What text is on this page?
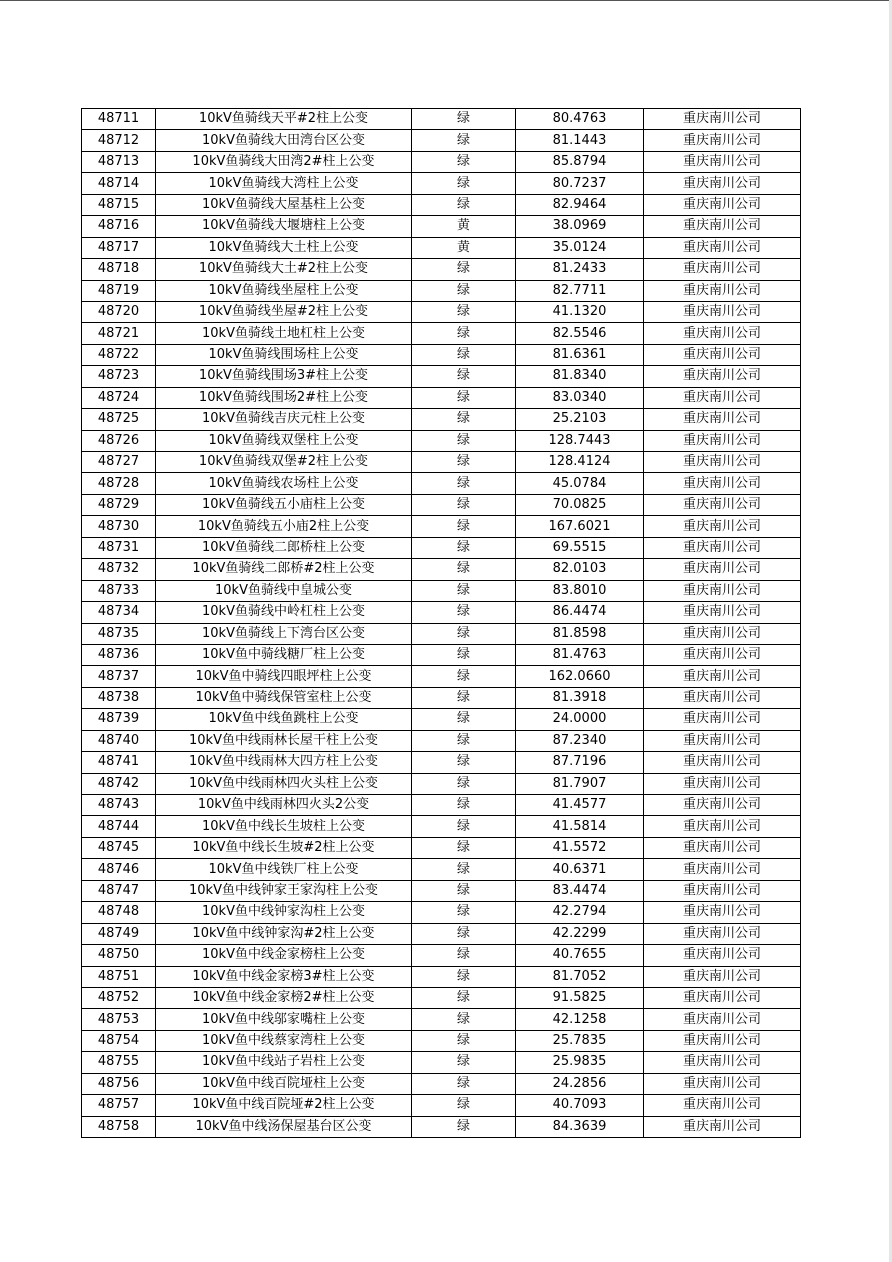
48711	10kV鱼骑线天平#2柱上公变	绿	80.4763	重庆南川公司
48712	10kV鱼骑线大田湾台区公变	绿	81.1443	重庆南川公司
48713	10kV鱼骑线大田湾2#柱上公变	绿	85.8794	重庆南川公司
48714	10kV鱼骑线大湾柱上公变	绿	80.7237	重庆南川公司
48715	10kV鱼骑线大屋基柱上公变	绿	82.9464	重庆南川公司
48716	10kV鱼骑线大堰塘柱上公变	黄	38.0969	重庆南川公司
48717	10kV鱼骑线大土柱上公变	黄	35.0124	重庆南川公司
48718	10kV鱼骑线大土#2柱上公变	绿	81.2433	重庆南川公司
48719	10kV鱼骑线坐屋柱上公变	绿	82.7711	重庆南川公司
48720	10kV鱼骑线坐屋#2柱上公变	绿	41.1320	重庆南川公司
48721	10kV鱼骑线土地杠柱上公变	绿	82.5546	重庆南川公司
48722	10kV鱼骑线围场柱上公变	绿	81.6361	重庆南川公司
48723	10kV鱼骑线围场3#柱上公变	绿	81.8340	重庆南川公司
48724	10kV鱼骑线围场2#柱上公变	绿	83.0340	重庆南川公司
48725	10kV鱼骑线吉庆元柱上公变	绿	25.2103	重庆南川公司
48726	10kV鱼骑线双堡柱上公变	绿	128.7443	重庆南川公司
48727	10kV鱼骑线双堡#2柱上公变	绿	128.4124	重庆南川公司
48728	10kV鱼骑线农场柱上公变	绿	45.0784	重庆南川公司
48729	10kV鱼骑线五小庙柱上公变	绿	70.0825	重庆南川公司
48730	10kV鱼骑线五小庙2柱上公变	绿	167.6021	重庆南川公司
48731	10kV鱼骑线二郎桥柱上公变	绿	69.5515	重庆南川公司
48732	10kV鱼骑线二郎桥#2柱上公变	绿	82.0103	重庆南川公司
48733	10kV鱼骑线中皇城公变	绿	83.8010	重庆南川公司
48734	10kV鱼骑线中岭杠柱上公变	绿	86.4474	重庆南川公司
48735	10kV鱼骑线上下湾台区公变	绿	81.8598	重庆南川公司
48736	10kV鱼中骑线糖厂柱上公变	绿	81.4763	重庆南川公司
48737	10kV鱼中骑线四眼坪柱上公变	绿	162.0660	重庆南川公司
48738	10kV鱼中骑线保管室柱上公变	绿	81.3918	重庆南川公司
48739	10kV鱼中线鱼跳柱上公变	绿	24.0000	重庆南川公司
48740	10kV鱼中线雨林长屋干柱上公变	绿	87.2340	重庆南川公司
48741	10kV鱼中线雨林大四方柱上公变	绿	87.7196	重庆南川公司
48742	10kV鱼中线雨林四火头柱上公变	绿	81.7907	重庆南川公司
48743	10kV鱼中线雨林四火头2公变	绿	41.4577	重庆南川公司
48744	10kV鱼中线长生坡柱上公变	绿	41.5814	重庆南川公司
48745	10kV鱼中线长生坡#2柱上公变	绿	41.5572	重庆南川公司
48746	10kV鱼中线铁厂柱上公变	绿	40.6371	重庆南川公司
48747	10kV鱼中线钟家王家沟柱上公变	绿	83.4474	重庆南川公司
48748	10kV鱼中线钟家沟柱上公变	绿	42.2794	重庆南川公司
48749	10kV鱼中线钟家沟#2柱上公变	绿	42.2299	重庆南川公司
48750	10kV鱼中线金家榜柱上公变	绿	40.7655	重庆南川公司
48751	10kV鱼中线金家榜3#柱上公变	绿	81.7052	重庆南川公司
48752	10kV鱼中线金家榜2#柱上公变	绿	91.5825	重庆南川公司
48753	10kV鱼中线邬家嘴柱上公变	绿	42.1258	重庆南川公司
48754	10kV鱼中线蔡家湾柱上公变	绿	25.7835	重庆南川公司
48755	10kV鱼中线站子岩柱上公变	绿	25.9835	重庆南川公司
48756	10kV鱼中线百院垭柱上公变	绿	24.2856	重庆南川公司
48757	10kV鱼中线百院垭#2柱上公变	绿	40.7093	重庆南川公司
48758	10kV鱼中线汤保屋基台区公变	绿	84.3639	重庆南川公司
